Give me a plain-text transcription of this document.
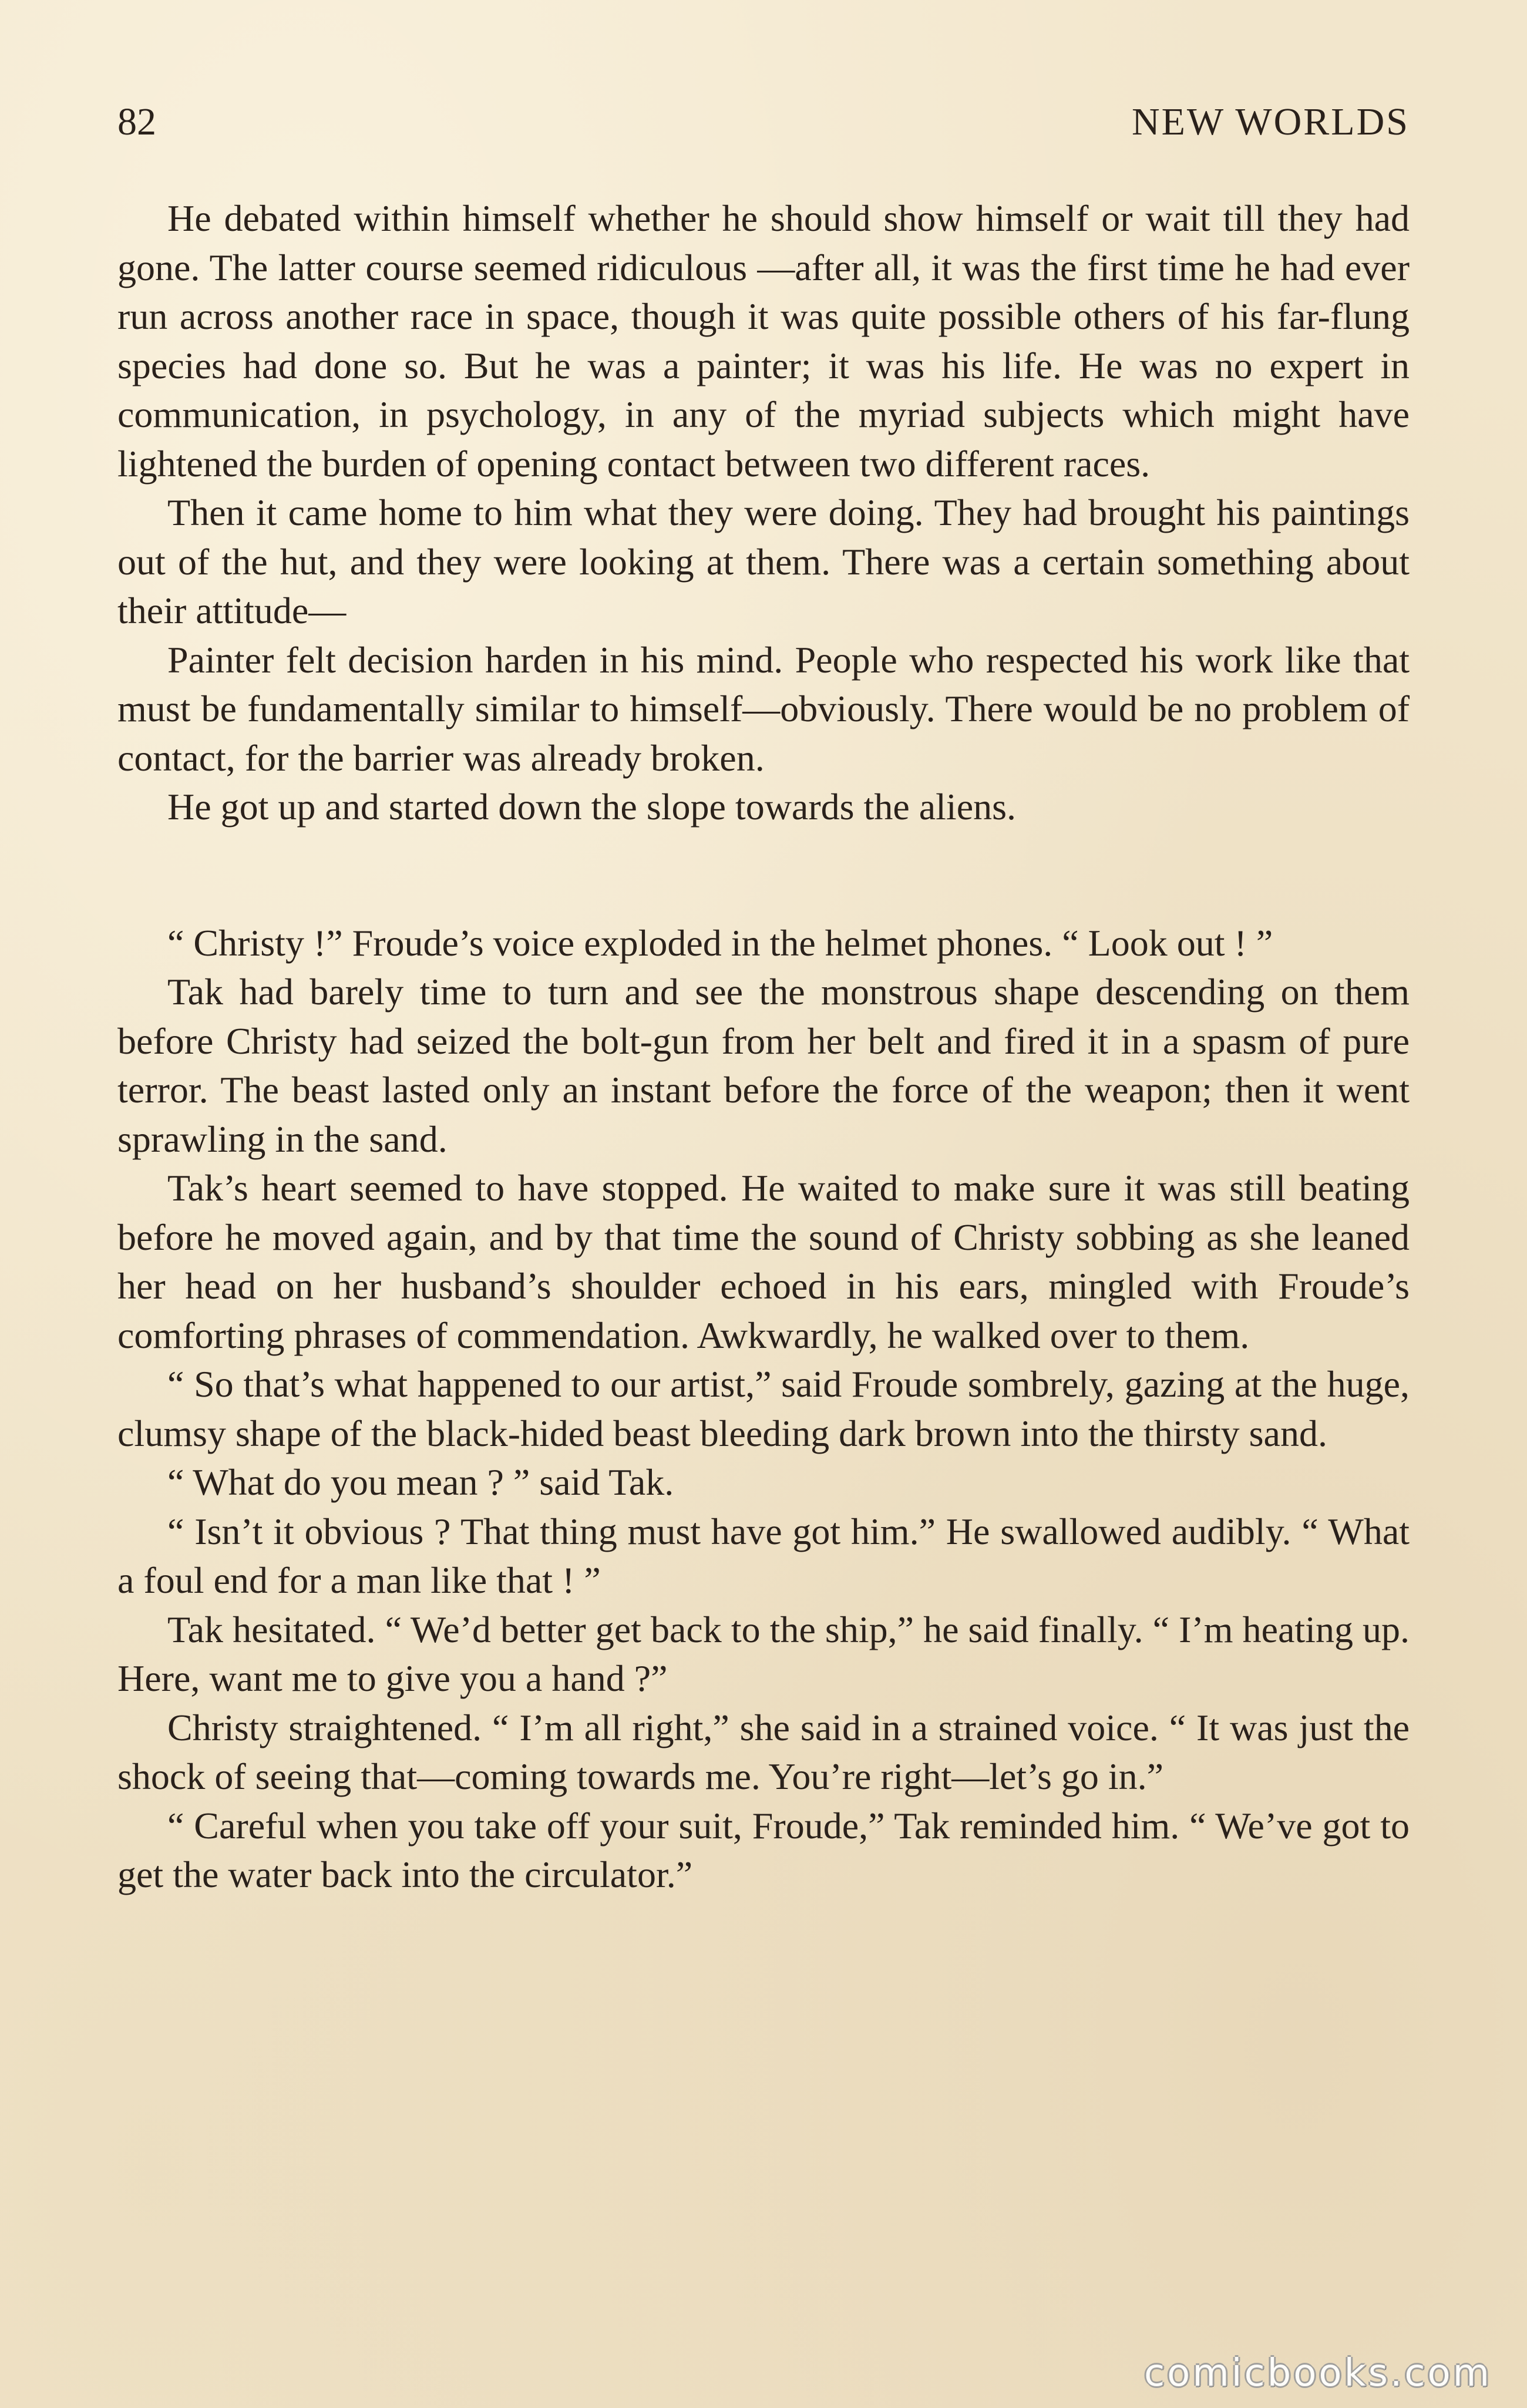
82	NEW WORLDS

He debated within himself whether he should show himself or wait till they had gone. The latter course seemed ridiculous —after all, it was the first time he had ever run across another race in space, though it was quite possible others of his far-flung species had done so. But he was a painter; it was his life. He was no expert in communication, in psychology, in any of the myriad subjects which might have lightened the burden of opening contact between two different races.

Then it came home to him what they were doing. They had brought his paintings out of the hut, and they were looking at them. There was a certain something about their attitude—

Painter felt decision harden in his mind. People who respected his work like that must be fundamentally similar to himself—obviously. There would be no problem of contact, for the barrier was already broken.

He got up and started down the slope towards the aliens.

“ Christy !” Froude’s voice exploded in the helmet phones. “ Look out ! ”

Tak had barely time to turn and see the monstrous shape descending on them before Christy had seized the bolt-gun from her belt and fired it in a spasm of pure terror. The beast lasted only an instant before the force of the weapon; then it went sprawling in the sand.

Tak’s heart seemed to have stopped. He waited to make sure it was still beating before he moved again, and by that time the sound of Christy sobbing as she leaned her head on her husband’s shoulder echoed in his ears, mingled with Froude’s comforting phrases of commendation. Awkwardly, he walked over to them.

“ So that’s what happened to our artist,” said Froude sombrely, gazing at the huge, clumsy shape of the black-hided beast bleeding dark brown into the thirsty sand.

“ What do you mean ? ” said Tak.

“ Isn’t it obvious ? That thing must have got him.” He swallowed audibly. “ What a foul end for a man like that ! ”

Tak hesitated. “ We’d better get back to the ship,” he said finally. “ I’m heating up. Here, want me to give you a hand ?”

Christy straightened. “ I’m all right,” she said in a strained voice. “ It was just the shock of seeing that—coming towards me. You’re right—let’s go in.”

“ Careful when you take off your suit, Froude,” Tak reminded him. “ We’ve got to get the water back into the circulator.”

comicbooks.com
